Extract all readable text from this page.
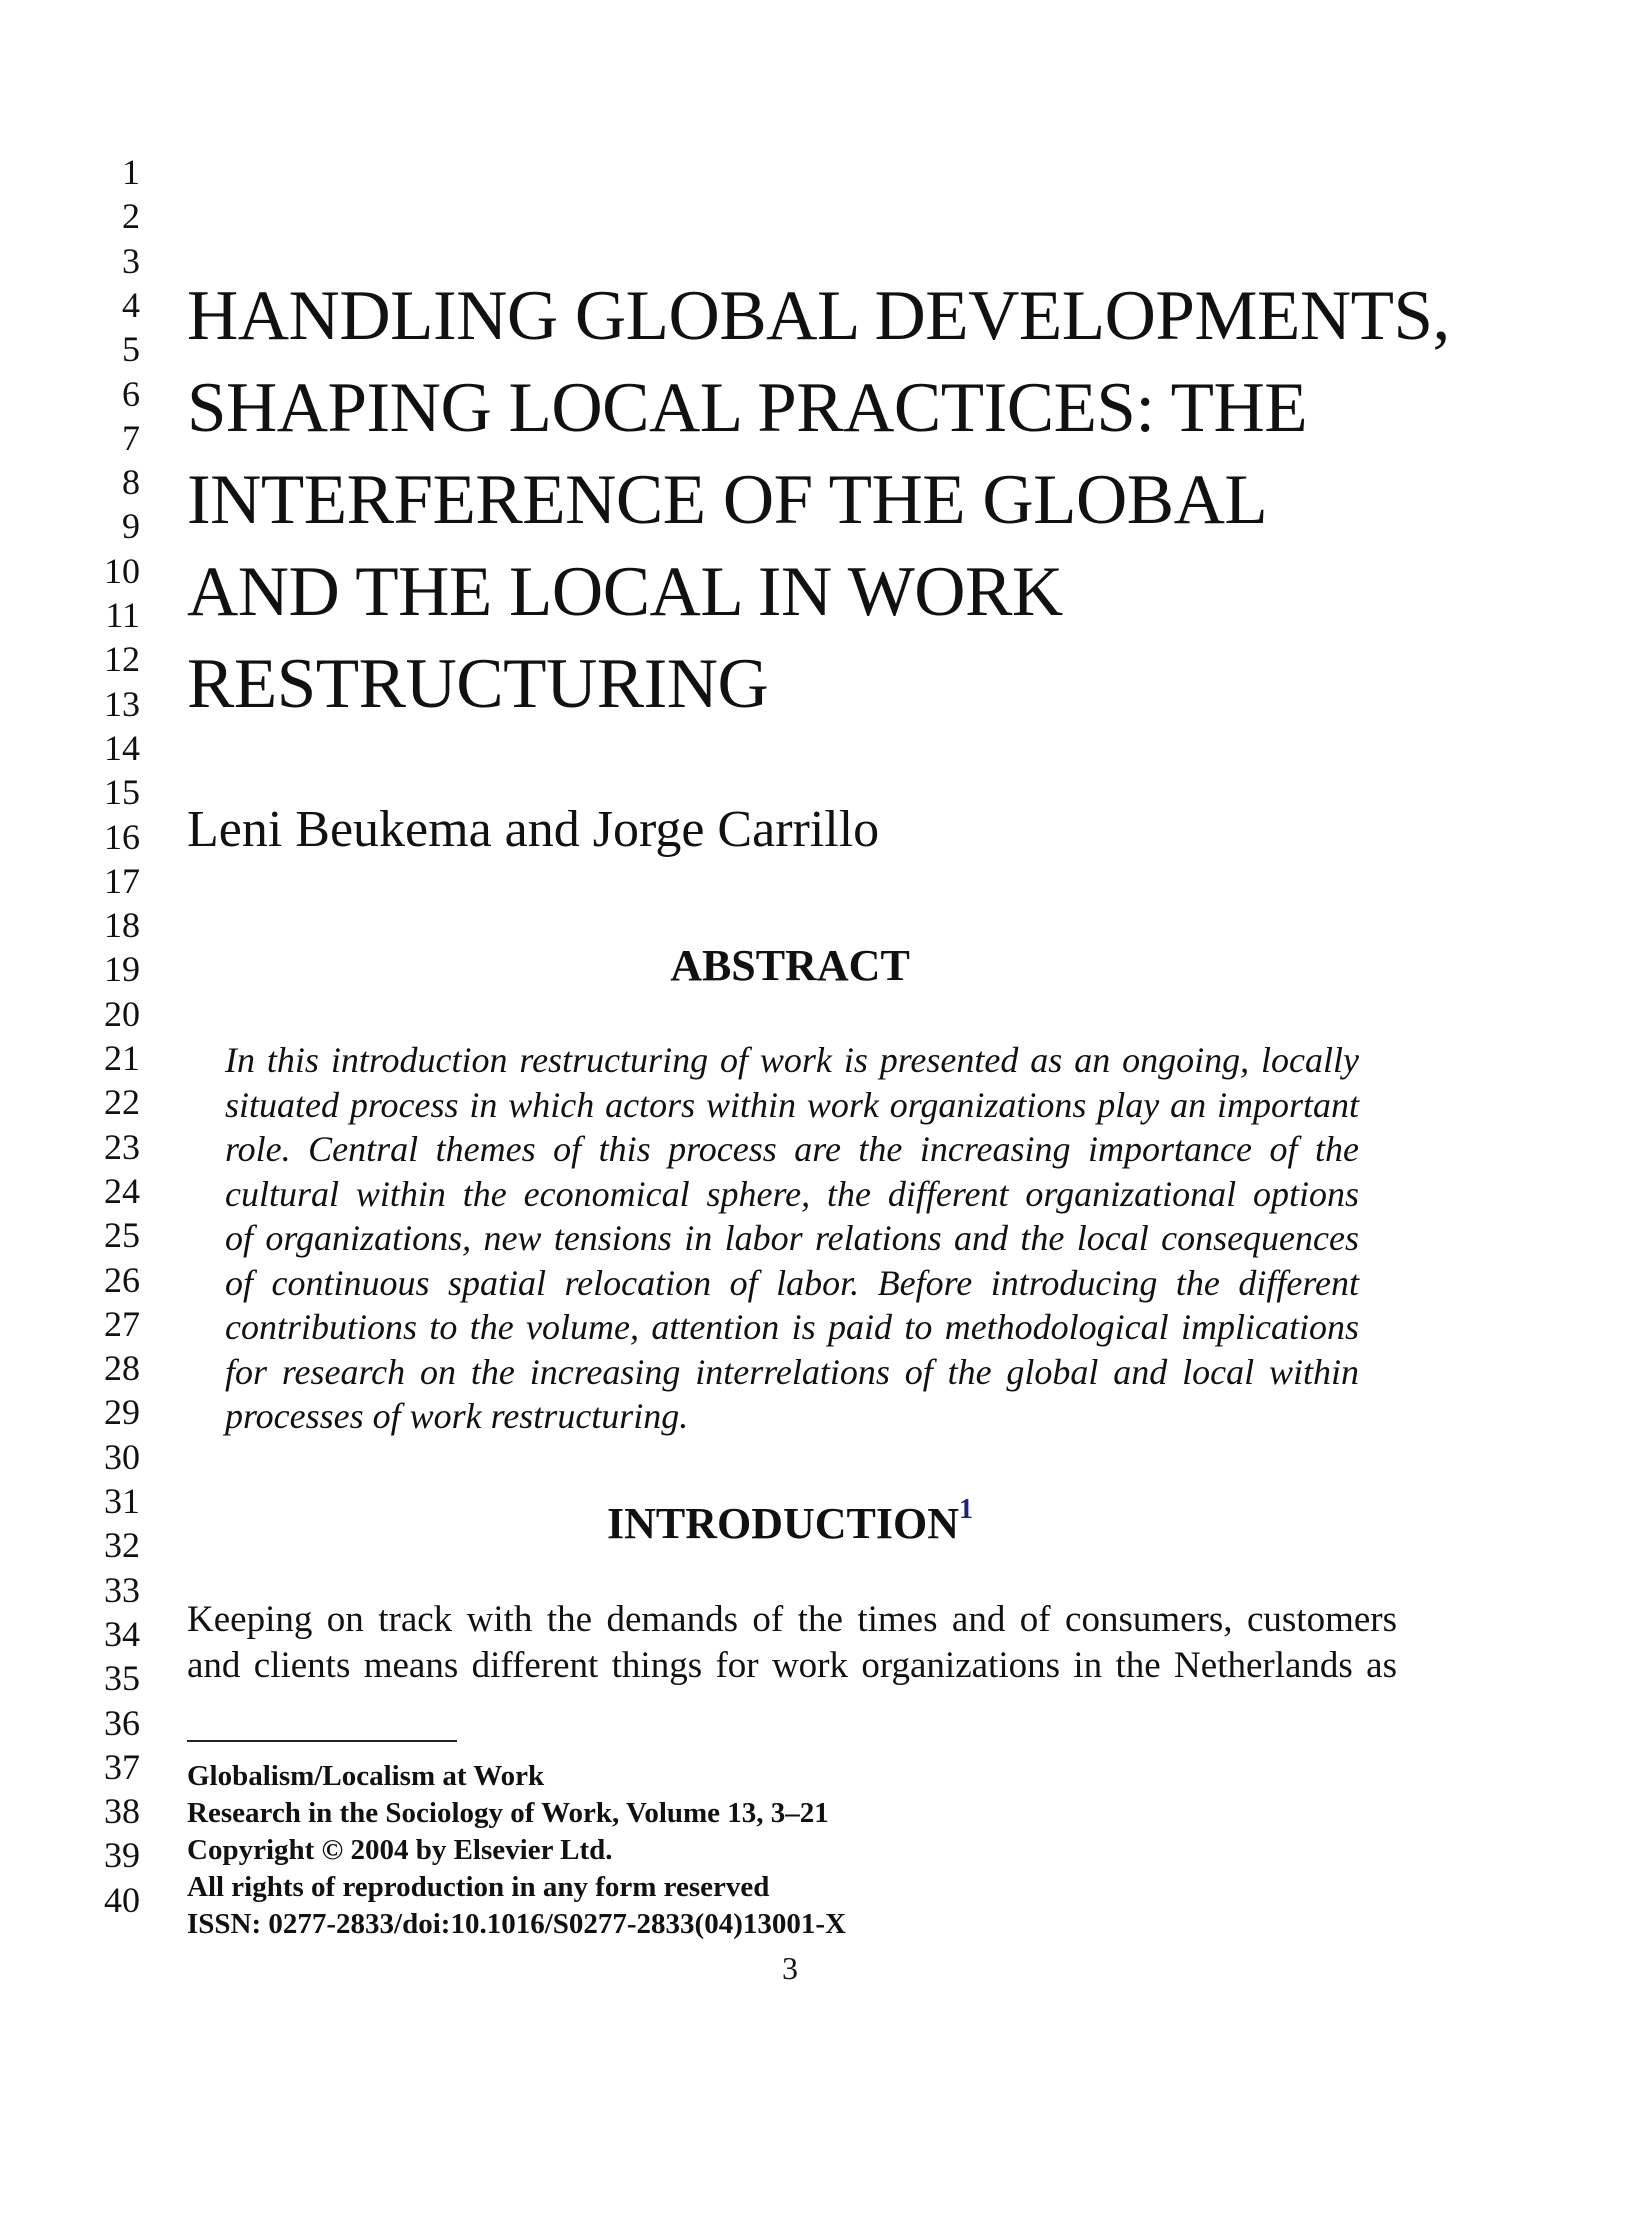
1
2
3
4
5
6
7
8
9
10
11
12
13
14
15
16
17
18
19
20
21
22
23
24
25
26
27
28
29
30
31
32
33
34
35
36
37
38
39
40
HANDLING GLOBAL DEVELOPMENTS,
SHAPING LOCAL PRACTICES: THE
INTERFERENCE OF THE GLOBAL
AND THE LOCAL IN WORK
RESTRUCTURING

Leni Beukema and Jorge Carrillo

ABSTRACT
In this introduction restructuring of work is presented as an ongoing, locally
situated process in which actors within work organizations play an important
role. Central themes of this process are the increasing importance of the
cultural within the economical sphere, the different organizational options
of organizations, new tensions in labor relations and the local consequences
of continuous spatial relocation of labor. Before introducing the different
contributions to the volume, attention is paid to methodological implications
for research on the increasing interrelations of the global and local within
processes of work restructuring.
INTRODUCTION$^1$
Keeping on track with the demands of the times and of consumers, customers
and clients means different things for work organizations in the Netherlands as
Globalism/Localism at Work
Research in the Sociology of Work, Volume 13, 3–21
Copyright © 2004 by Elsevier Ltd.
All rights of reproduction in any form reserved
ISSN: 0277-2833/doi:10.1016/S0277-2833(04)13001-X
3
